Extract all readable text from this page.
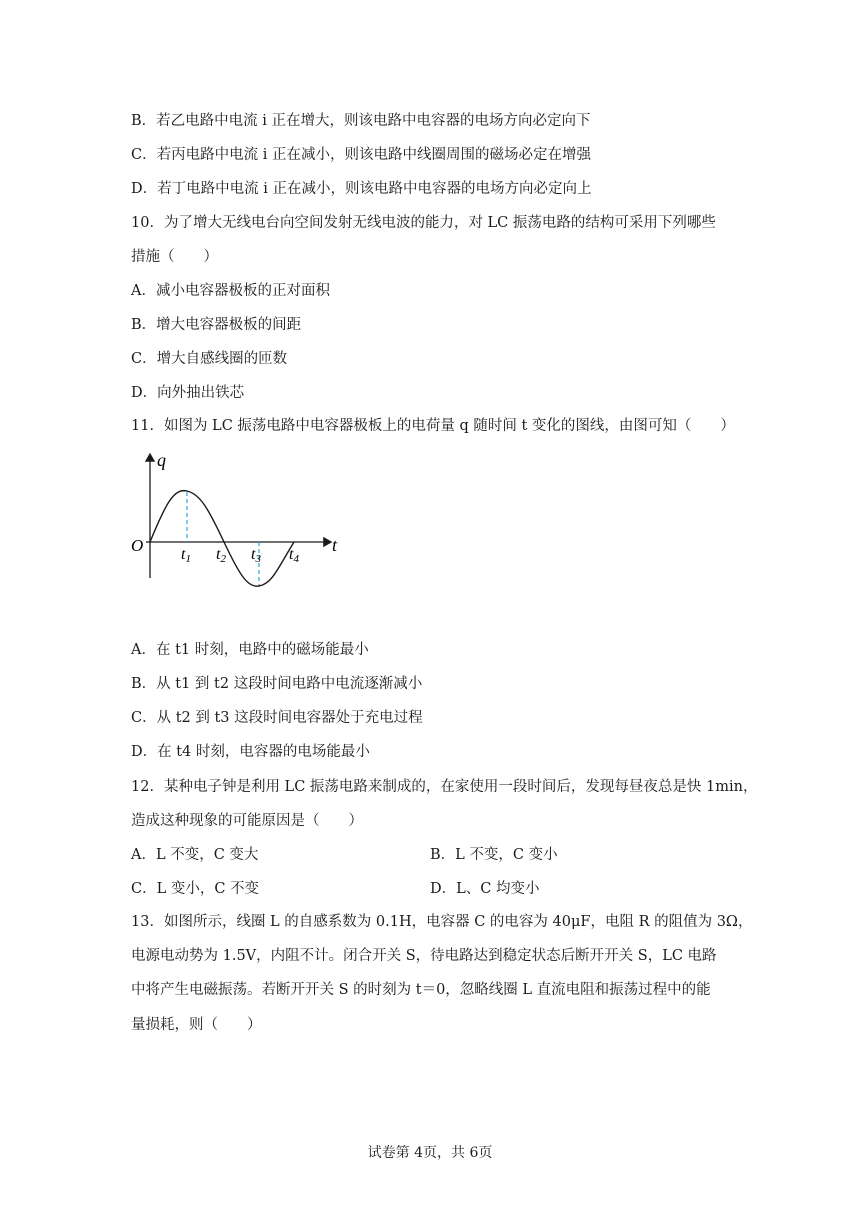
B．若乙电路中电流 i 正在增大，则该电路中电容器的电场方向必定向下
C．若丙电路中电流 i 正在减小，则该电路中线圈周围的磁场必定在增强
D．若丁电路中电流 i 正在减小，则该电路中电容器的电场方向必定向上
10．为了增大无线电台向空间发射无线电波的能力，对 LC 振荡电路的结构可采用下列哪些
措施（　　）
A．减小电容器极板的正对面积
B．增大电容器极板的间距
C．增大自感线圈的匝数
D．向外抽出铁芯
11．如图为 LC 振荡电路中电容器极板上的电荷量 q 随时间 t 变化的图线，由图可知（　　）
q
t
O t1 t2 t3 t4
A．在 t1 时刻，电路中的磁场能最小
B．从 t1 到 t2 这段时间电路中电流逐渐减小
C．从 t2 到 t3 这段时间电容器处于充电过程
D．在 t4 时刻，电容器的电场能最小
12．某种电子钟是利用 LC 振荡电路来制成的，在家使用一段时间后，发现每昼夜总是快 1min，
造成这种现象的可能原因是（　　）
A．L 不变，C 变大	B．L 不变，C 变小
C．L 变小，C 不变	D．L、C 均变小
13．如图所示，线圈 L 的自感系数为 0.1H，电容器 C 的电容为 40μF，电阻 R 的阻值为 3Ω，
电源电动势为 1.5V，内阻不计。闭合开关 S，待电路达到稳定状态后断开开关 S，LC 电路
中将产生电磁振荡。若断开开关 S 的时刻为 t＝0，忽略线圈 L 直流电阻和振荡过程中的能
量损耗，则（　　）
试卷第 4页，共 6页
